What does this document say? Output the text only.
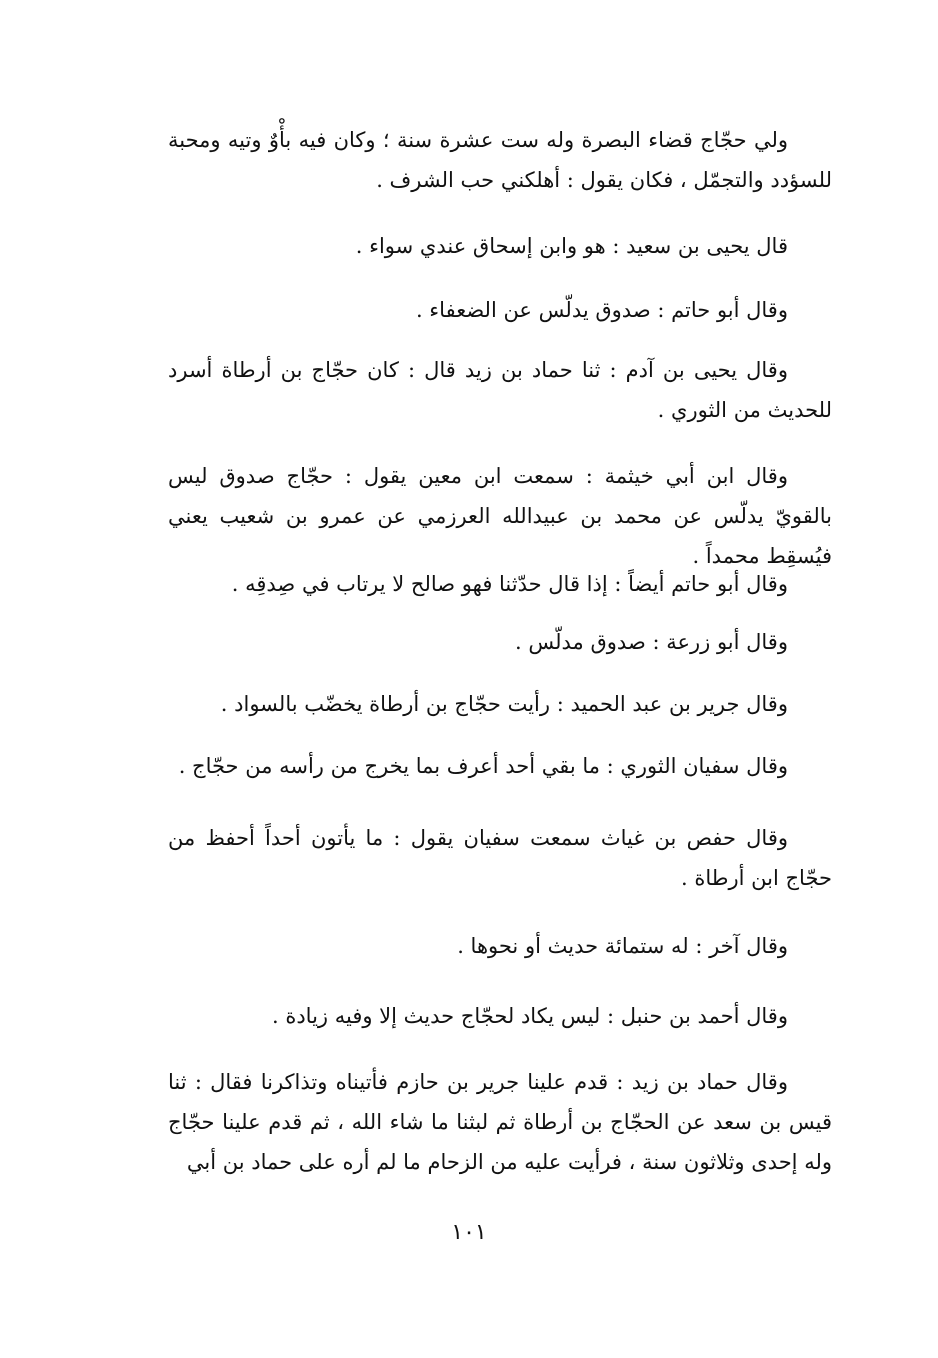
ولي حجّاج قضاء البصرة وله ست عشرة سنة ؛ وكان فيه بأْوٌ وتيه ومحبة للسؤدد والتجمّل ، فكان يقول : أهلكني حب الشرف .

قال يحيى بن سعيد : هو وابن إسحاق عندي سواء .

وقال أبو حاتم : صدوق يدلّس عن الضعفاء .

وقال يحيى بن آدم : ثنا حماد بن زيد قال : كان حجّاج بن أرطاة أسرد للحديث من الثوري .

وقال ابن أبي خيثمة : سمعت ابن معين يقول : حجّاج صدوق ليس بالقويّ يدلّس عن محمد بن عبيدالله العرزمي عن عمرو بن شعيب يعني فيُسقِط محمداً .

وقال أبو حاتم أيضاً : إذا قال حدّثنا فهو صالح لا يرتاب في صِدقِه .

وقال أبو زرعة : صدوق مدلّس .

وقال جرير بن عبد الحميد : رأيت حجّاج بن أرطاة يخضّب بالسواد .

وقال سفيان الثوري : ما بقي أحد أعرف بما يخرج من رأسه من حجّاج .

وقال حفص بن غياث سمعت سفيان يقول : ما يأتون أحداً أحفظ من حجّاج ابن أرطاة .

وقال آخر : له ستمائة حديث أو نحوها .

وقال أحمد بن حنبل : ليس يكاد لحجّاج حديث إلا وفيه زيادة .

وقال حماد بن زيد : قدم علينا جرير بن حازم فأتيناه وتذاكرنا فقال : ثنا قيس بن سعد عن الحجّاج بن أرطاة ثم لبثنا ما شاء الله ، ثم قدم علينا حجّاج وله إحدى وثلاثون سنة ، فرأيت عليه من الزحام ما لم أره على حماد بن أبي

١٠١
